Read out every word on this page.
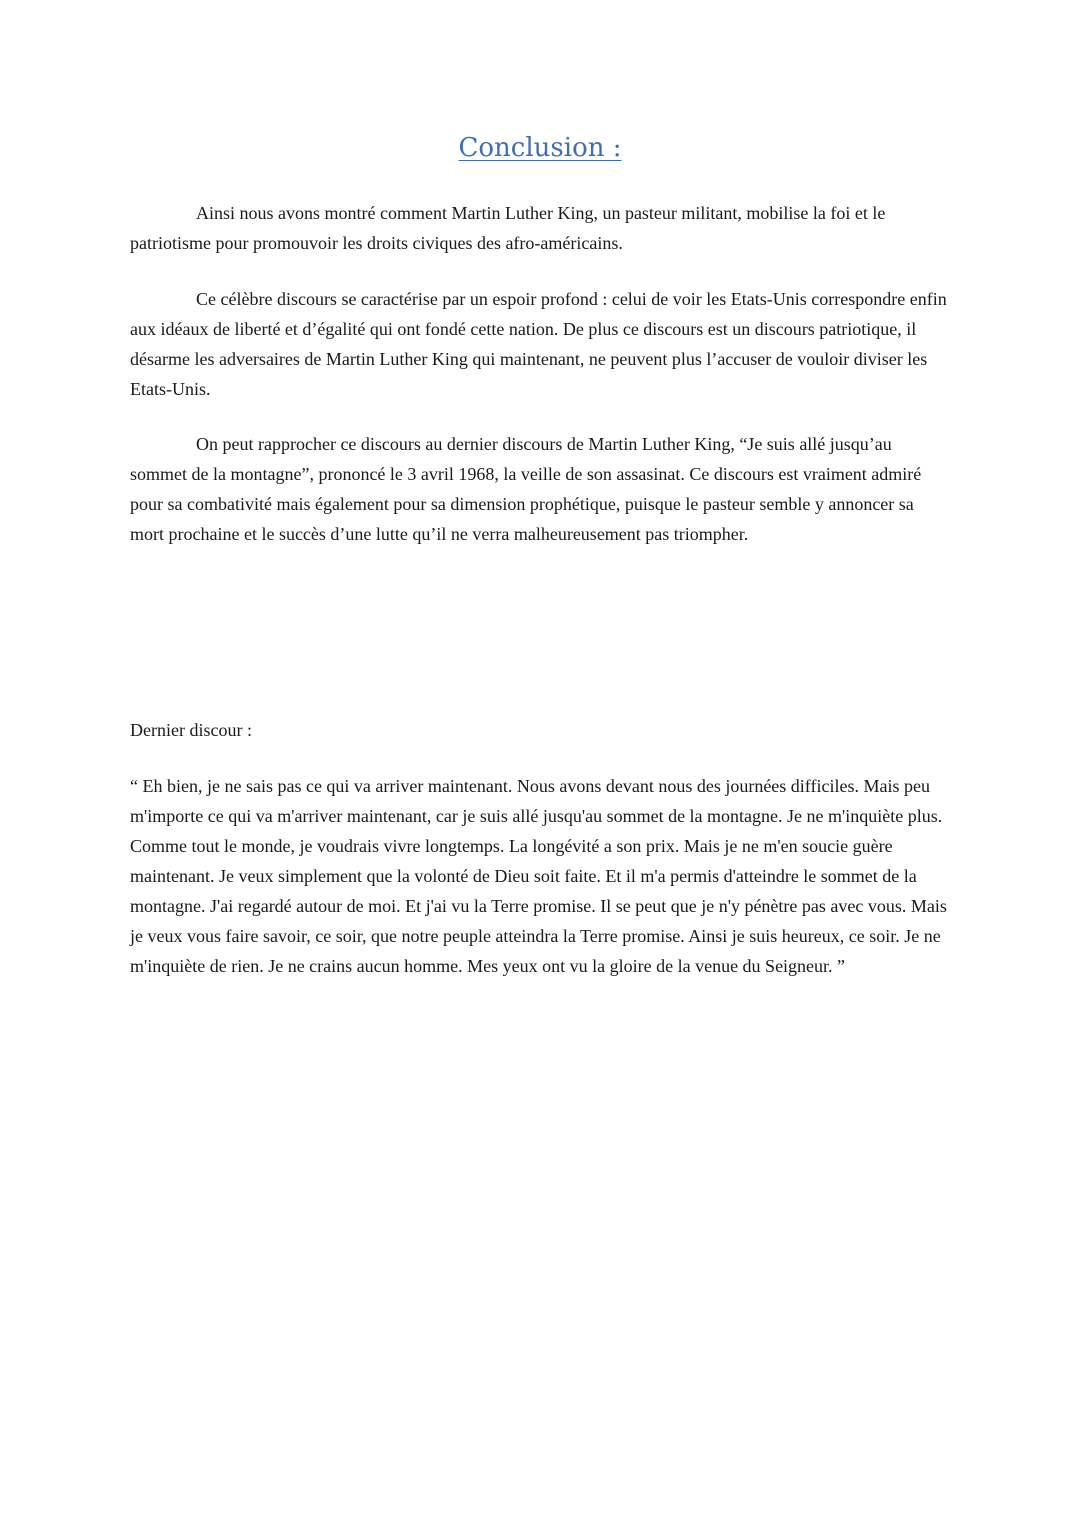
Conclusion :

Ainsi nous avons montré comment Martin Luther King, un pasteur militant, mobilise la foi et le patriotisme pour promouvoir les droits civiques des afro-américains.

Ce célèbre discours se caractérise par un espoir profond : celui de voir les Etats-Unis correspondre enfin aux idéaux de liberté et d’égalité qui ont fondé cette nation. De plus ce discours est un discours patriotique, il désarme les adversaires de Martin Luther King qui maintenant, ne peuvent plus l’accuser de vouloir diviser les Etats-Unis.

On peut rapprocher ce discours au dernier discours de Martin Luther King, “Je suis allé jusqu’au sommet de la montagne”, prononcé le 3 avril 1968, la veille de son assasinat. Ce discours est vraiment admiré pour sa combativité mais également pour sa dimension prophétique, puisque le pasteur semble y annoncer sa mort prochaine et le succès d’une lutte qu’il ne verra malheureusement pas triompher.

Dernier discour :

“ Eh bien, je ne sais pas ce qui va arriver maintenant. Nous avons devant nous des journées difficiles. Mais peu m'importe ce qui va m'arriver maintenant, car je suis allé jusqu'au sommet de la montagne. Je ne m'inquiète plus. Comme tout le monde, je voudrais vivre longtemps. La longévité a son prix. Mais je ne m'en soucie guère maintenant. Je veux simplement que la volonté de Dieu soit faite. Et il m'a permis d'atteindre le sommet de la montagne. J'ai regardé autour de moi. Et j'ai vu la Terre promise. Il se peut que je n'y pénètre pas avec vous. Mais je veux vous faire savoir, ce soir, que notre peuple atteindra la Terre promise. Ainsi je suis heureux, ce soir. Je ne m'inquiète de rien. Je ne crains aucun homme. Mes yeux ont vu la gloire de la venue du Seigneur. ”
